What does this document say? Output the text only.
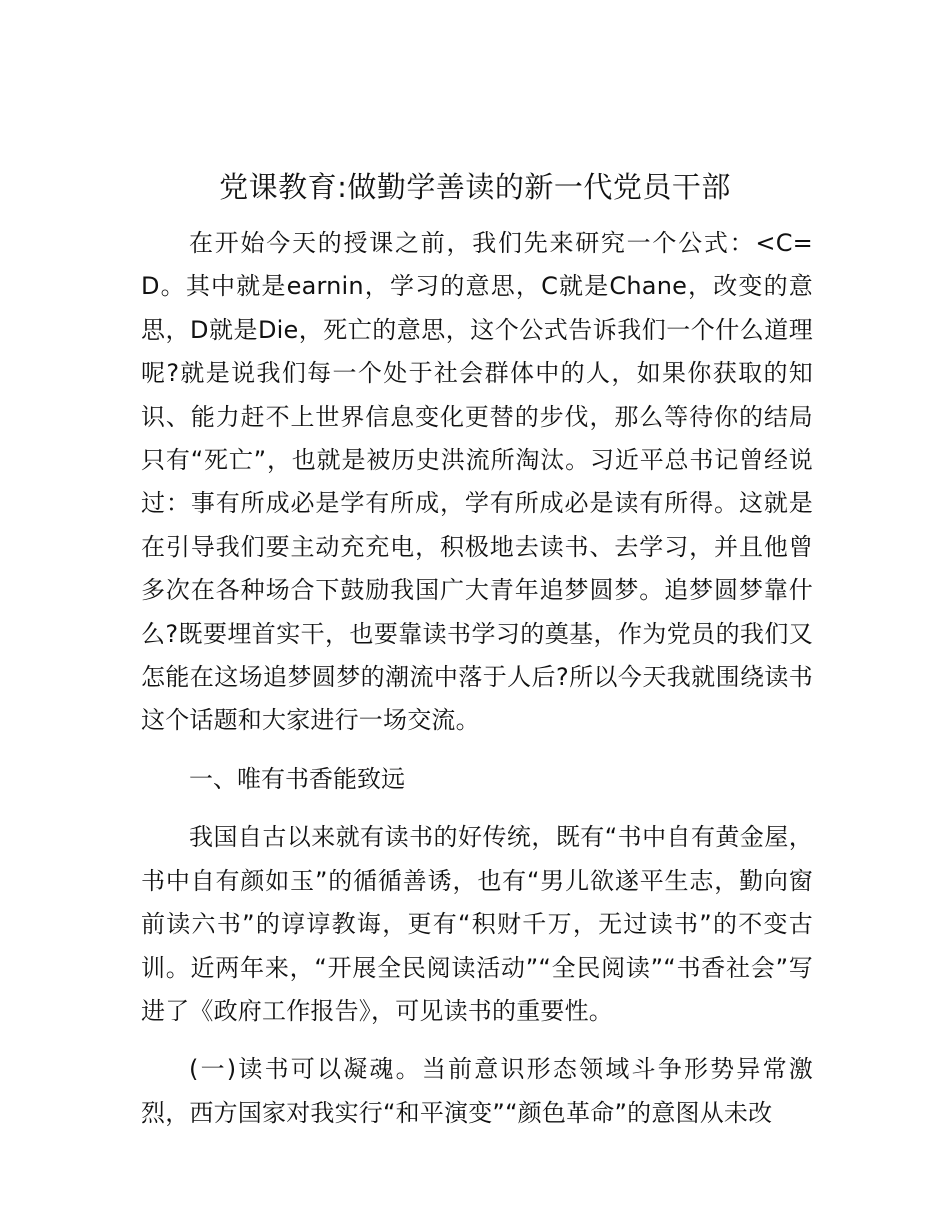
党课教育:做勤学善读的新一代党员干部

在开始今天的授课之前，我们先来研究一个公式：<C=D。其中就是earnin，学习的意思，C就是Chane，改变的意思，D就是Die，死亡的意思，这个公式告诉我们一个什么道理呢?就是说我们每一个处于社会群体中的人，如果你获取的知识、能力赶不上世界信息变化更替的步伐，那么等待你的结局只有“死亡”，也就是被历史洪流所淘汰。习近平总书记曾经说过：事有所成必是学有所成，学有所成必是读有所得。这就是在引导我们要主动充充电，积极地去读书、去学习，并且他曾多次在各种场合下鼓励我国广大青年追梦圆梦。追梦圆梦靠什么?既要埋首实干，也要靠读书学习的奠基，作为党员的我们又怎能在这场追梦圆梦的潮流中落于人后?所以今天我就围绕读书这个话题和大家进行一场交流。

一、唯有书香能致远

我国自古以来就有读书的好传统，既有“书中自有黄金屋，书中自有颜如玉”的循循善诱，也有“男儿欲遂平生志，勤向窗前读六书”的谆谆教诲，更有“积财千万，无过读书”的不变古训。近两年来，“开展全民阅读活动”“全民阅读”“书香社会”写进了《政府工作报告》，可见读书的重要性。

(一)读书可以凝魂。当前意识形态领域斗争形势异常激烈，西方国家对我实行“和平演变”“颜色革命”的意图从未改
